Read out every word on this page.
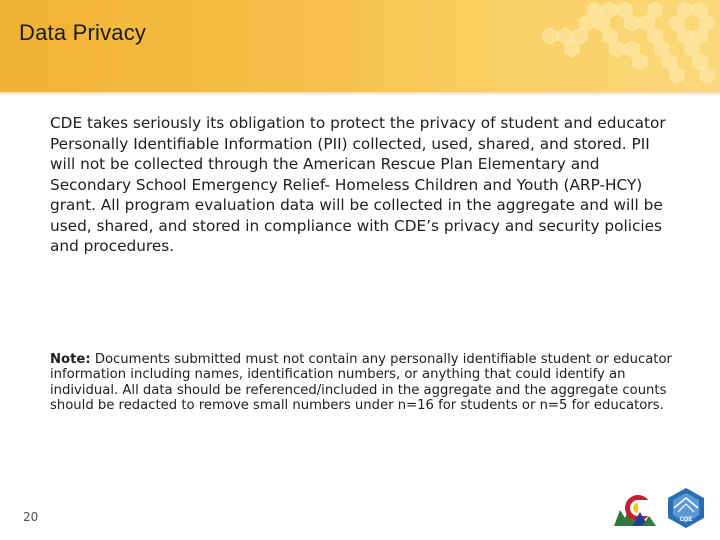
Data Privacy

CDE takes seriously its obligation to protect the privacy of student and educator Personally Identifiable Information (PII) collected, used, shared, and stored. PII will not be collected through the American Rescue Plan Elementary and Secondary School Emergency Relief- Homeless Children and Youth (ARP-HCY) grant. All program evaluation data will be collected in the aggregate and will be used, shared, and stored in compliance with CDE’s privacy and security policies and procedures.

Note: Documents submitted must not contain any personally identifiable student or educator information including names, identification numbers, or anything that could identify an individual. All data should be referenced/included in the aggregate and the aggregate counts should be redacted to remove small numbers under n=16 for students or n=5 for educators.

20	CDE
